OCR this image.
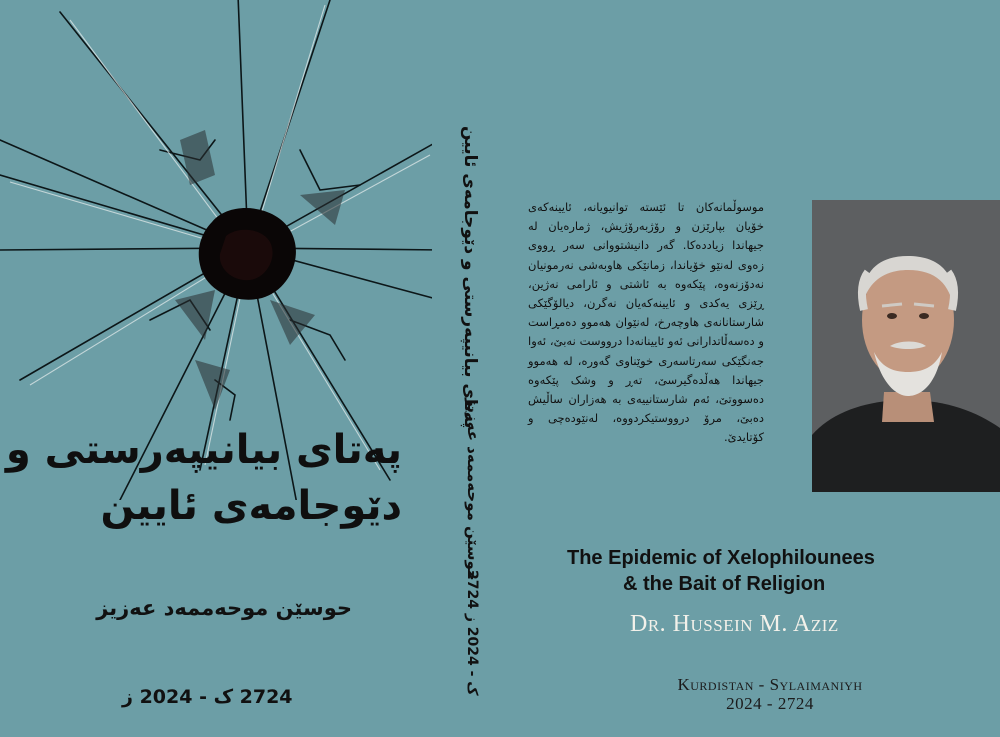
پەتای بیانیپەرستی و
دێوجامەی ئایین
حوسێن موحەممەد عەزیز
2724 ک - 2024 ز
پەتای بیانیپەرستی و دێوجامەی ئایین
حوسێن موحەممەد عەزیز
2724 ک - 2024 ز

موسوڵمانەکان تا ئێستە توانیویانە، ئایینەکەی خۆیان بپارێزن و رۆژبەرۆژیش، ژمارەیان لە جیهاندا زیاددەکا. گەر دانیشتووانی سەر ڕووی زەوی لەنێو خۆیاندا، زمانێکی هاوبەشی نەرمونیان نەدۆزنەوە، پێکەوە بە ئاشتی و ئارامی نەژین، ڕێزی یەکدی و ئایینەکەیان نەگرن، دیالۆگێکی شارستانانەی هاوچەرخ، لەنێوان هەموو دەمڕاست و دەسەڵاتدارانی ئەو ئایینانەدا درووست نەبێ، ئەوا جەنگێکی سەرتاسەری خوێناوی گەورە، لە هەموو جیهاندا هەڵدەگیرسێ، تەڕ و وشک پێکەوە دەسووتێ، ئەم شارستانییەی بە هەزاران ساڵیش دەبێ، مرۆ درووستیکردووە، لەنێودەچی و کۆتایدێ.

The Epidemic of Xelophilounees
& the Bait of Religion
Dr. Hussein M. Aziz
Kurdistan - Sylaimaniyh
2024 - 2724
